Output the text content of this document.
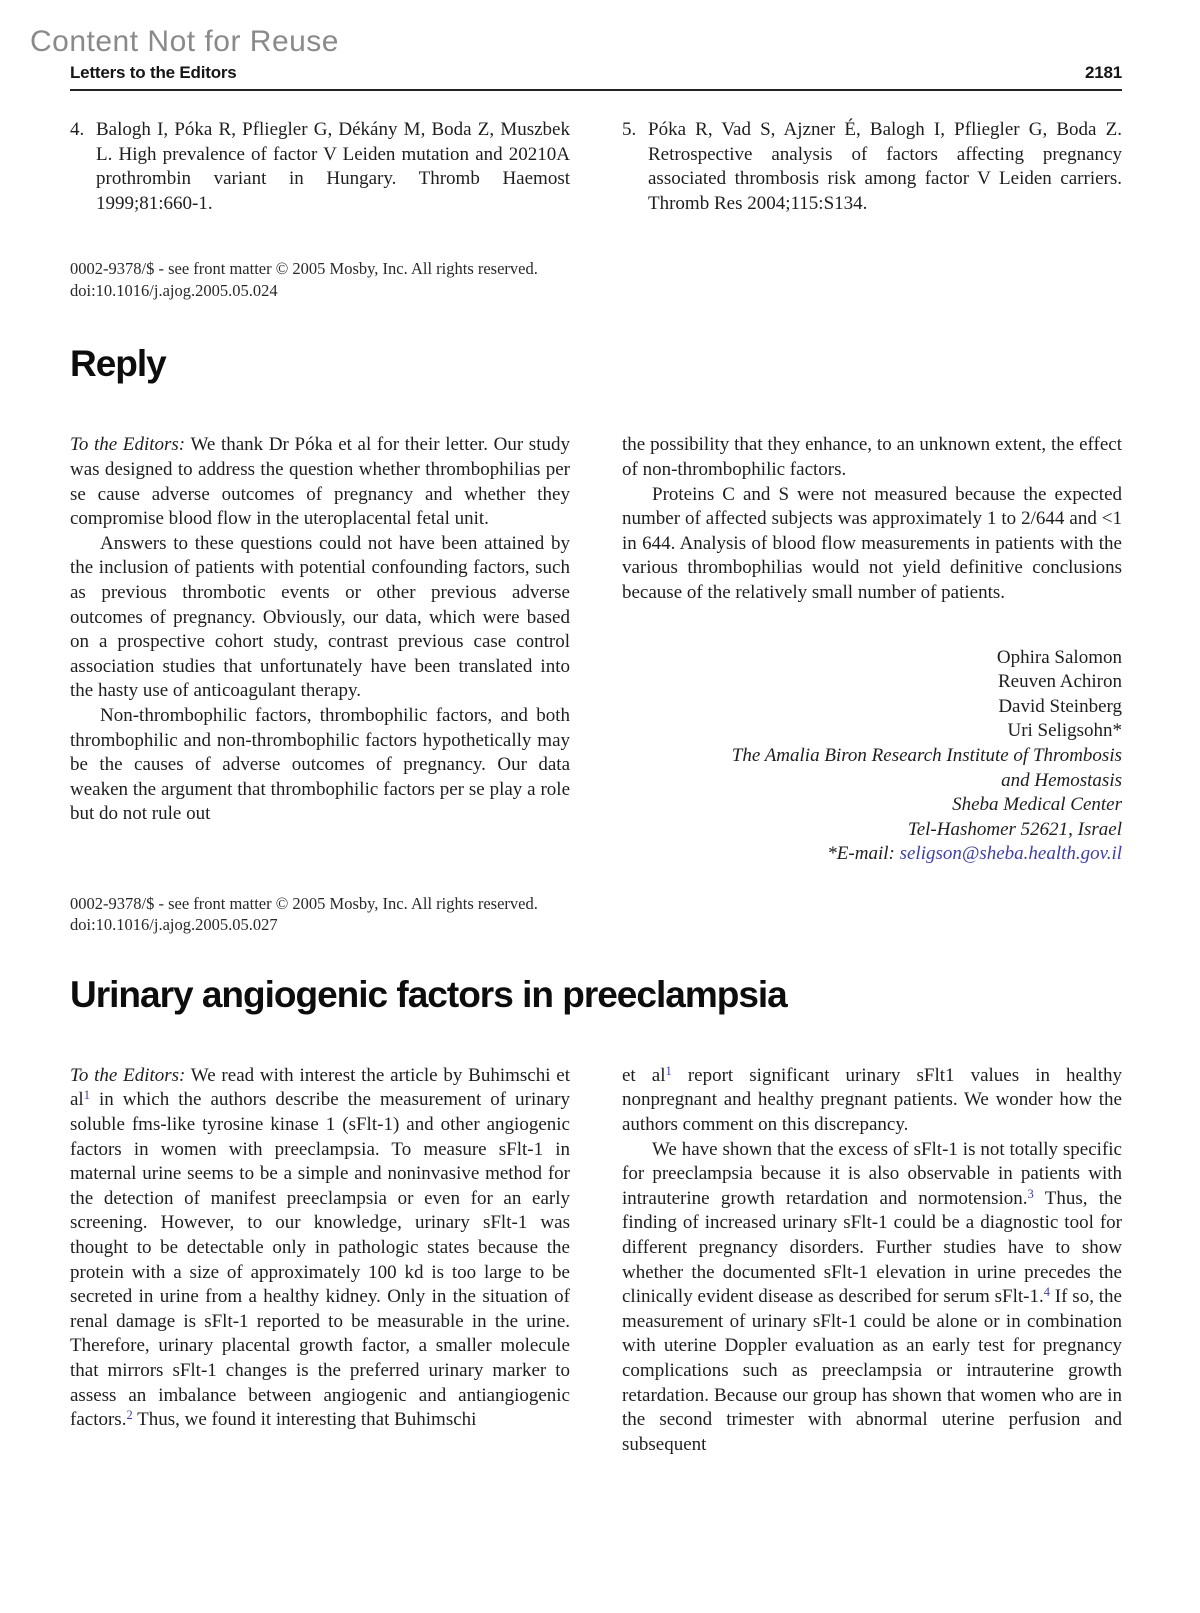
Content Not for Reuse
Letters to the Editors	2181
4. Balogh I, Póka R, Pfliegler G, Dékány M, Boda Z, Muszbek L. High prevalence of factor V Leiden mutation and 20210A prothrombin variant in Hungary. Thromb Haemost 1999;81:660-1.
5. Póka R, Vad S, Ajzner É, Balogh I, Pfliegler G, Boda Z. Retrospective analysis of factors affecting pregnancy associated thrombosis risk among factor V Leiden carriers. Thromb Res 2004;115:S134.
0002-9378/$ - see front matter © 2005 Mosby, Inc. All rights reserved.
doi:10.1016/j.ajog.2005.05.024
Reply

To the Editors: We thank Dr Póka et al for their letter. Our study was designed to address the question whether thrombophilias per se cause adverse outcomes of pregnancy and whether they compromise blood flow in the uteroplacental fetal unit.

Answers to these questions could not have been attained by the inclusion of patients with potential confounding factors, such as previous thrombotic events or other previous adverse outcomes of pregnancy. Obviously, our data, which were based on a prospective cohort study, contrast previous case control association studies that unfortunately have been translated into the hasty use of anticoagulant therapy.

Non-thrombophilic factors, thrombophilic factors, and both thrombophilic and non-thrombophilic factors hypothetically may be the causes of adverse outcomes of pregnancy. Our data weaken the argument that thrombophilic factors per se play a role but do not rule out

the possibility that they enhance, to an unknown extent, the effect of non-thrombophilic factors.

Proteins C and S were not measured because the expected number of affected subjects was approximately 1 to 2/644 and <1 in 644. Analysis of blood flow measurements in patients with the various thrombophilias would not yield definitive conclusions because of the relatively small number of patients.

Ophira Salomon
Reuven Achiron
David Steinberg
Uri Seligsohn*
The Amalia Biron Research Institute of Thrombosis
and Hemostasis
Sheba Medical Center
Tel-Hashomer 52621, Israel
*E-mail: seligson@sheba.health.gov.il
0002-9378/$ - see front matter © 2005 Mosby, Inc. All rights reserved.
doi:10.1016/j.ajog.2005.05.027
Urinary angiogenic factors in preeclampsia

To the Editors: We read with interest the article by Buhimschi et al$^1$ in which the authors describe the measurement of urinary soluble fms-like tyrosine kinase 1 (sFlt-1) and other angiogenic factors in women with preeclampsia. To measure sFlt-1 in maternal urine seems to be a simple and noninvasive method for the detection of manifest preeclampsia or even for an early screening. However, to our knowledge, urinary sFlt-1 was thought to be detectable only in pathologic states because the protein with a size of approximately 100 kd is too large to be secreted in urine from a healthy kidney. Only in the situation of renal damage is sFlt-1 reported to be measurable in the urine. Therefore, urinary placental growth factor, a smaller molecule that mirrors sFlt-1 changes is the preferred urinary marker to assess an imbalance between angiogenic and antiangiogenic factors.$^2$ Thus, we found it interesting that Buhimschi

et al$^1$ report significant urinary sFlt1 values in healthy nonpregnant and healthy pregnant patients. We wonder how the authors comment on this discrepancy.

We have shown that the excess of sFlt-1 is not totally specific for preeclampsia because it is also observable in patients with intrauterine growth retardation and normotension.$^3$ Thus, the finding of increased urinary sFlt-1 could be a diagnostic tool for different pregnancy disorders. Further studies have to show whether the documented sFlt-1 elevation in urine precedes the clinically evident disease as described for serum sFlt-1.$^4$ If so, the measurement of urinary sFlt-1 could be alone or in combination with uterine Doppler evaluation as an early test for pregnancy complications such as preeclampsia or intrauterine growth retardation. Because our group has shown that women who are in the second trimester with abnormal uterine perfusion and subsequent
